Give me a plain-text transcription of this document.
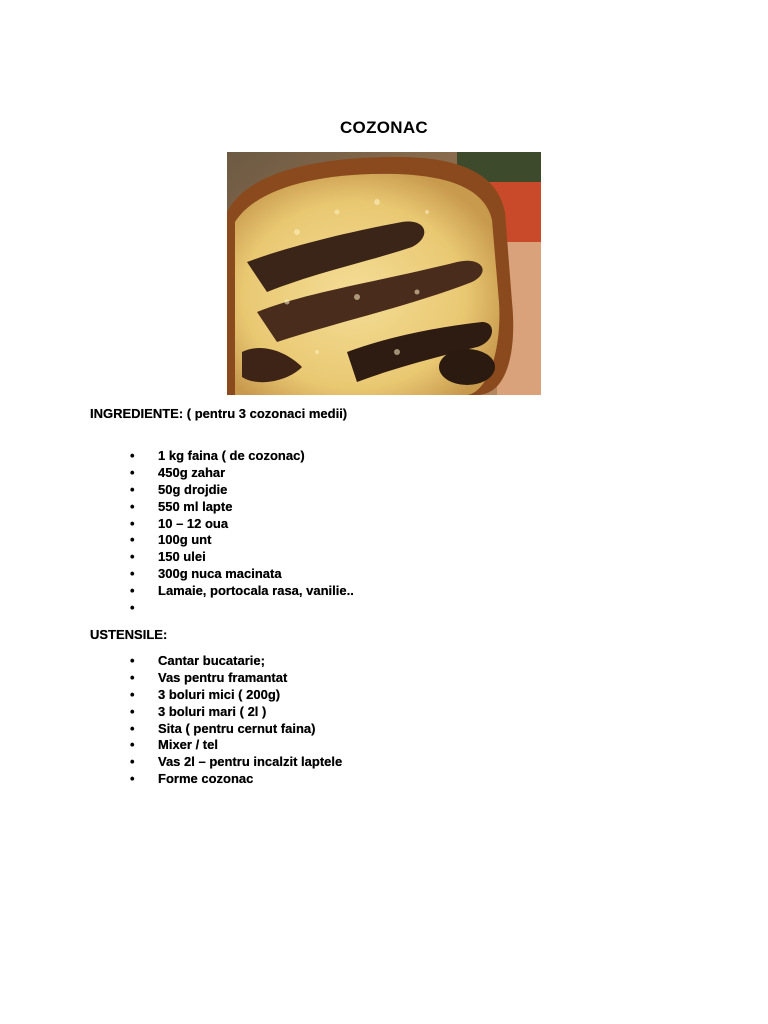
COZONAC
INGREDIENTE: ( pentru 3 cozonaci medii)
• 1 kg faina ( de cozonac)
• 450g zahar
• 50g drojdie
• 550 ml lapte
• 10 – 12 oua
• 100g unt
• 150 ulei
• 300g nuca macinata
• Lamaie, portocala rasa, vanilie..
•
USTENSILE:
• Cantar bucatarie;
• Vas pentru framantat
• 3 boluri mici ( 200g)
• 3 boluri mari ( 2l )
• Sita ( pentru cernut faina)
• Mixer / tel
• Vas 2l – pentru incalzit laptele
• Forme cozonac
